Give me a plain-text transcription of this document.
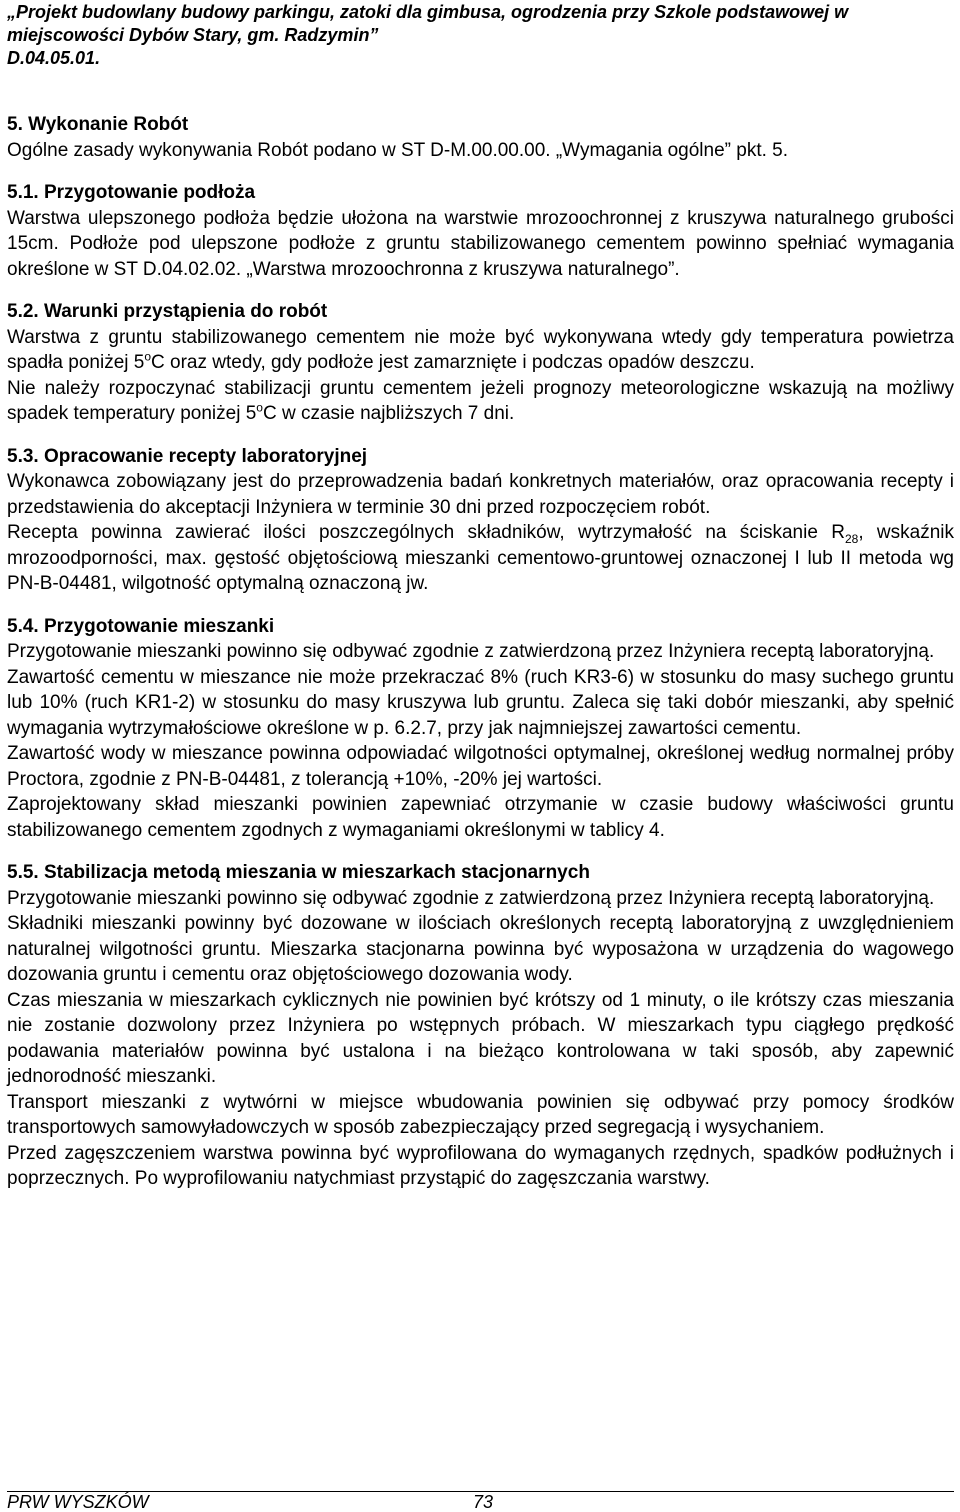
„Projekt budowlany budowy parkingu, zatoki dla gimbusa, ogrodzenia przy Szkole podstawowej w
miejscowości Dybów Stary, gm. Radzymin”
D.04.05.01.
5. Wykonanie Robót

Ogólne zasady wykonywania Robót podano w ST D-M.00.00.00. „Wymagania ogólne” pkt. 5.

5.1. Przygotowanie podłoża

Warstwa ulepszonego podłoża będzie ułożona na warstwie mrozoochronnej z kruszywa naturalnego grubości 15cm. Podłoże pod ulepszone podłoże z gruntu stabilizowanego cementem powinno spełniać wymagania określone w ST D.04.02.02. „Warstwa mrozoochronna z kruszywa naturalnego”.

5.2. Warunki przystąpienia do robót

Warstwa z gruntu stabilizowanego cementem nie może być wykonywana wtedy gdy temperatura powietrza spadła poniżej 5$^o$C oraz wtedy, gdy podłoże jest zamarznięte i podczas opadów deszczu.

Nie należy rozpoczynać stabilizacji gruntu cementem jeżeli prognozy meteorologiczne wskazują na możliwy spadek temperatury poniżej 5$^o$C w czasie najbliższych 7 dni.

5.3. Opracowanie recepty laboratoryjnej

Wykonawca zobowiązany jest do przeprowadzenia badań konkretnych materiałów, oraz opracowania recepty i przedstawienia do akceptacji Inżyniera w terminie 30 dni przed rozpoczęciem robót.

Recepta powinna zawierać ilości poszczególnych składników, wytrzymałość na ściskanie $R_{28}$, wskaźnik mrozoodporności, max. gęstość objętościową mieszanki cementowo-gruntowej oznaczonej I lub II metoda wg PN-B-04481, wilgotność optymalną oznaczoną jw.

5.4. Przygotowanie mieszanki

Przygotowanie mieszanki powinno się odbywać zgodnie z zatwierdzoną przez Inżyniera receptą laboratoryjną.

Zawartość cementu w mieszance nie może przekraczać 8% (ruch KR3-6) w stosunku do masy suchego gruntu lub 10% (ruch KR1-2) w stosunku do masy kruszywa lub gruntu. Zaleca się taki dobór mieszanki, aby spełnić wymagania wytrzymałościowe określone w p. 6.2.7, przy jak najmniejszej zawartości cementu.

Zawartość wody w mieszance powinna odpowiadać wilgotności optymalnej, określonej według normalnej próby Proctora, zgodnie z PN-B-04481, z tolerancją +10%, -20% jej wartości.

Zaprojektowany skład mieszanki powinien zapewniać otrzymanie w czasie budowy właściwości gruntu stabilizowanego cementem zgodnych z wymaganiami określonymi w tablicy 4.

5.5. Stabilizacja metodą mieszania w mieszarkach stacjonarnych

Przygotowanie mieszanki powinno się odbywać zgodnie z zatwierdzoną przez Inżyniera receptą laboratoryjną.

Składniki mieszanki powinny być dozowane w ilościach określonych receptą laboratoryjną z uwzględnieniem naturalnej wilgotności gruntu. Mieszarka stacjonarna powinna być wyposażona w urządzenia do wagowego dozowania gruntu i cementu oraz objętościowego dozowania wody.

Czas mieszania w mieszarkach cyklicznych nie powinien być krótszy od 1 minuty, o ile krótszy czas mieszania nie zostanie dozwolony przez Inżyniera po wstępnych próbach. W mieszarkach typu ciągłego prędkość podawania materiałów powinna być ustalona i na bieżąco kontrolowana w taki sposób, aby zapewnić jednorodność mieszanki.

Transport mieszanki z wytwórni w miejsce wbudowania powinien się odbywać przy pomocy środków transportowych samowyładowczych w sposób zabezpieczający przed segregacją i wysychaniem.

Przed zagęszczeniem warstwa powinna być wyprofilowana do wymaganych rzędnych, spadków podłużnych i poprzecznych. Po wyprofilowaniu natychmiast przystąpić do zagęszczania warstwy.

PRW WYSZKÓW	73
